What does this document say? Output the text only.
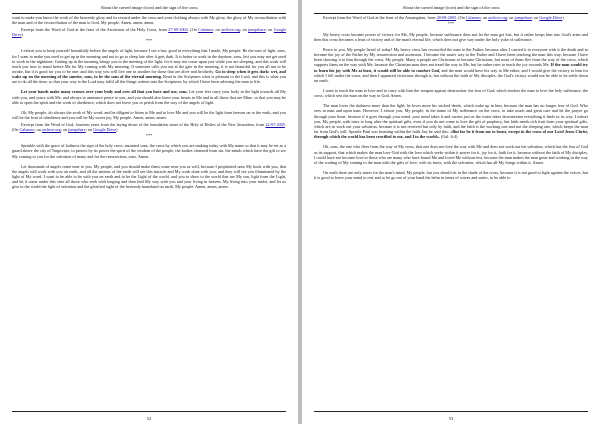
About the carved image (icon) and the sign of the cross

want to make you know the work of the heavenly glory and its reward under the cross and your clothing always with My glory, the glory of My reconciliation with the man and of the reconciliation of the man to God, My people. Amen, amen, amen.

Excerpt from the Word of God at the feast of the Ascension of the Holy Cross, from 27-09-2004. (On Calameo; on archive.org; on jumpshare; on Google Drive)

***

I exhort you to keep yourself beautifully before the angels of light, because I see a law, good in everything that I made, My people. Be the sons of light, sons, for I want to make you used to get up in the morning and not to go to sleep late after it gets dark. It is better to work in the daytime, sons, lest you may not get used to work in the nighttime. Getting up in the morning brings you to the meeting of the light, for it may not come upon you while you are sleeping, and this work will teach you how to stand before Me for My coming with My morning. If someone calls you out at the gate in the morning, it is not beautiful for you all not to be awake, but it is good for you to be one; and this way you will live one in another for those that are alive and brotherly. Go to sleep when it gets dark: wet, and wake up on the morning of the sunrise, sons, to be the sons of the eternal morning. Read in the Scriptures what is pleasant to the Lord, and this is what you are to do all the time; so that your way to the Lord may fulfil all the things written into the Scriptures, by which I have been advising the man to life.

Let your hands make many crosses over your body and over all that you have and use, sons. Let your feet carry your body in the light towards all My with you, and yours with Me, and always to announce peace to you, and you should also leave your hearts in Me and in all those that are Mine, so that you may be able to open the spirit and the work of obedience, which does not leave you to perish from the way of the angels of light.

Oh, My people, do always the work of My word, and be diligent to listen to Me and to love Me and you will be the light from heaven on to the earth, and you will be the fruit of obedience and you will be My sweet joy, My people. Amen, amen, amen.

Excerpt from the Word of God, fourteen years from the laying down of the foundation stone of the Holy of Holies of the New Jerusalem, from 22-07-2005. (On Calameo; on archive.org; on jumpshare; on Google Drive)

***

Sprinkle with the grace of holiness the sign of the holy cross, anointed sons, the cross by which you are making today with My name so that it may be set as a guard above the city of Targoviște, to protect by its power the spirit of the wisdom of the people, the bodies cleansed from sin, the minds which have the gift to see My coming to you for the salvation of many and for the resurrection, sons. Amen.

Let thousands of angels come near to you, My people, and you should make them come near you as well, because I prophesied unto My book with you, that the angels will work with you on earth, and all the nations of the earth will see this miracle and My work done with you, and they will see you illuminated by the light of My word. I want to be able to be with you on earth and to be the Light of the world, and you to show to the world that are My son, light from the Light, and let it come under this vine all those who seek with longing and then find My way with you and your living in heaven, My living into your midst, and let us give to the world the light of salvation and the glorified sight of the heavenly homeland on earth, My people. Amen, amen, amen.

52
About the carved image (icon) and the sign of the cross

Excerpt from the Word of God at the feast of the Assumption, from 28-08-2005. (On Calameo; on archive.org; on jumpshare; on Google Drive)

***

My heavy cross became power of victory for Me, My people, because sufferance does not let the man get lost, but it rather keeps him into God's arms and then this cross becomes a feast of victory and of the man's eternal life, which does not give way under the holy yoke of sufferance.

Peace to you, My people Israel of today! My heavy cross has reconciled the man to the Father, because after I carried it to everyone with it the death and to become the joy of the Father by My resurrection and ascension. I became the man's way to the Father and I have been teaching the man this way, because I have been showing it to him through the cross, My people. Many a people are Christians or become Christians, but most of them flee from the way of the cross, which supports them on the way with Me, because the Christian man does not tread the way to Me, but he rather tries to teach the joy towards Me. If the man would try to learn his joy with Me at least, it would still be able to comfort God, and the man would have his way to Me either, and I would give the victory to him for which I fell under the cross, and then I appeared victorious through it, but without the faith of My disciples, the God's victory would not be able to be settle down on earth.

I want to teach the man to love and to carry with him the weapon against destruction: the fear of God, which teaches the man to love the holy sufferance, the cross, which sets the man on the way to God. Amen.

The man loves the darkness more than the light; he loves more his wicked deeds, which wake up in him, because the man has no longer fear of God. Who sees in man and upon man. However, I exhort you, My people, in the name of My sufferance on the cross, to take much and great care and let the prayer go through your heart, because if it goes through your mind, your mind takes it and carries just as the water takes downstream everything it finds in its way. I exhort you, My people, with tears to long after the spiritual gifts, even if you do not come to love the gift of prophecy, but faith needs rich fruit from your spiritual gifts, which are to work out your salvation, because it is not received but only by faith, and the faith is the working one and not the sleeping one, which keeps the man far from God's will. Apostle Paul was boasting within the faith, but he said this: «But far be it from me to boast, except in the cross of our Lord Jesus Christ, through which the world has been crucified to me, and I to the world». (Gal: 6:4)

Oh, sons, the one who flees from the way of My cross, that one does not love the way with Me and does not work out his salvation, which has the fear of God as its support, that which makes the man love God with the love which seeks within it power for it, joy for it, faith for it, because without the faith of My disciples, I could have not become love to those who are many who have found Me and loved Me without rest, because the man makes the man great and working in the way of the waiting of My coming to the man with the gifts of love, with its fruits, with the salvation, which has all My things within it. Amen.

On earth there are only mires for the man's mind, My people, but you should sit in the shade of the cross, because it is not good to fight against the voices, but it is good to leave your mind to rest and to let go out of your hand the helm in times of waves and mires, to be able to

53
